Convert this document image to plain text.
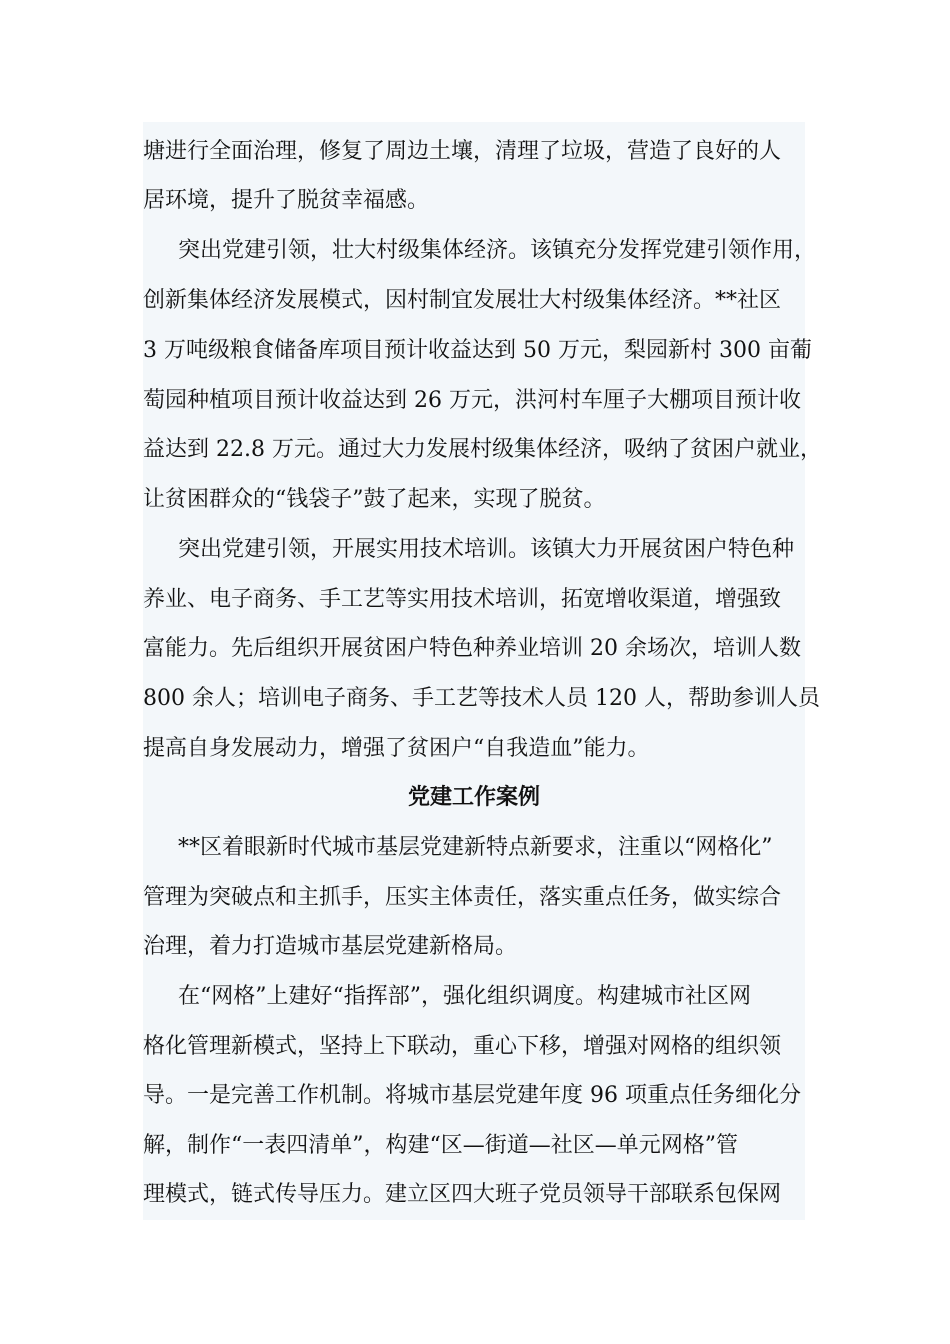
塘进行全面治理，修复了周边土壤，清理了垃圾，营造了良好的人
居环境，提升了脱贫幸福感。
突出党建引领，壮大村级集体经济。该镇充分发挥党建引领作用，
创新集体经济发展模式，因村制宜发展壮大村级集体经济。**社区
3 万吨级粮食储备库项目预计收益达到 50 万元，梨园新村 300 亩葡
萄园种植项目预计收益达到 26 万元，洪河村车厘子大棚项目预计收
益达到 22.8 万元。通过大力发展村级集体经济，吸纳了贫困户就业，
让贫困群众的“钱袋子”鼓了起来，实现了脱贫。
突出党建引领，开展实用技术培训。该镇大力开展贫困户特色种
养业、电子商务、手工艺等实用技术培训，拓宽增收渠道，增强致
富能力。先后组织开展贫困户特色种养业培训 20 余场次，培训人数
800 余人；培训电子商务、手工艺等技术人员 120 人，帮助参训人员
提高自身发展动力，增强了贫困户“自我造血”能力。
党建工作案例
**区着眼新时代城市基层党建新特点新要求，注重以“网格化”
管理为突破点和主抓手，压实主体责任，落实重点任务，做实综合
治理，着力打造城市基层党建新格局。
在“网格”上建好“指挥部”，强化组织调度。构建城市社区网
格化管理新模式，坚持上下联动，重心下移，增强对网格的组织领
导。一是完善工作机制。将城市基层党建年度 96 项重点任务细化分
解，制作“一表四清单”，构建“区—街道—社区—单元网格”管
理模式，链式传导压力。建立区四大班子党员领导干部联系包保网
